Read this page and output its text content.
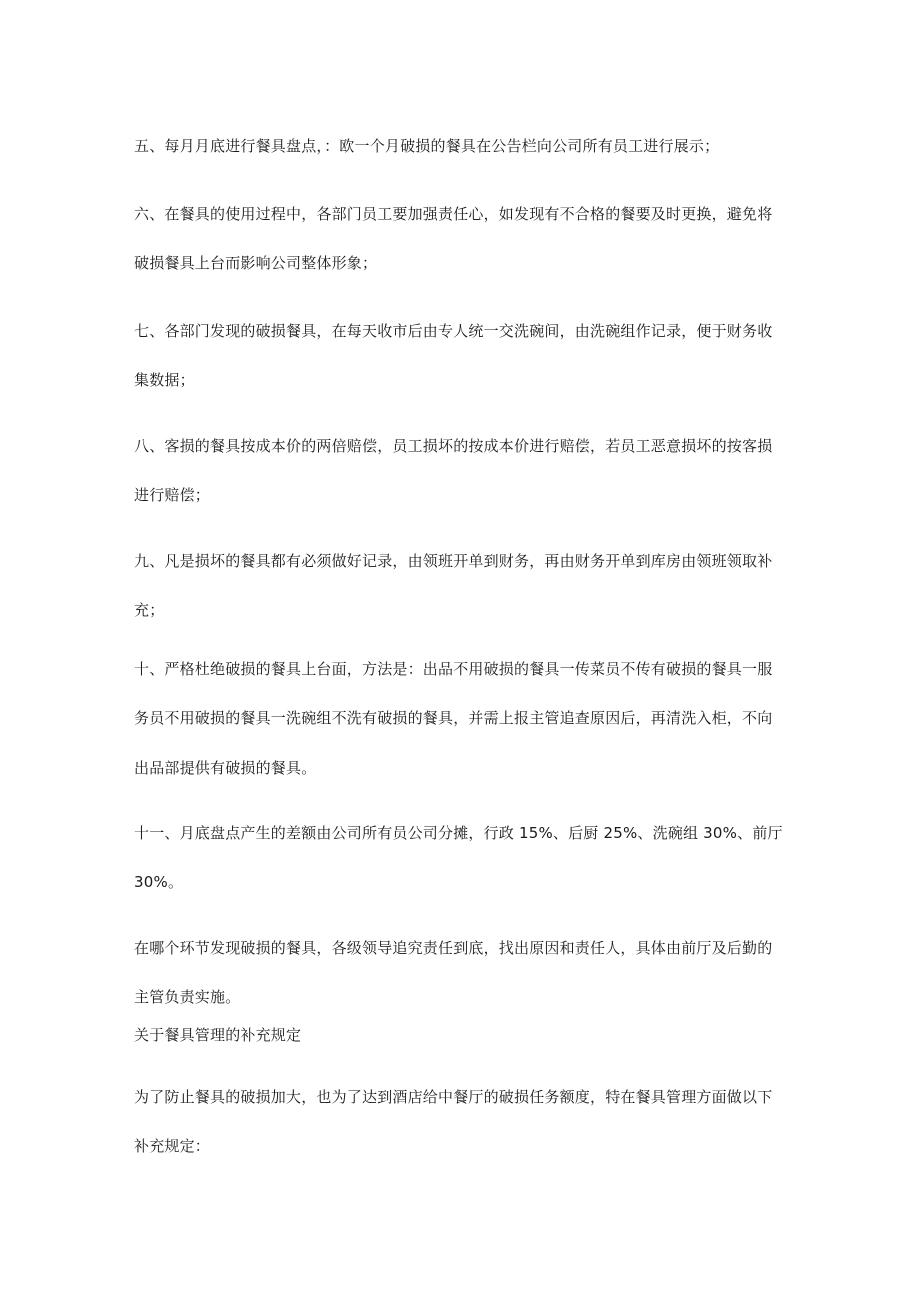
五、每月月底进行餐具盘点，：欧一个月破损的餐具在公告栏向公司所有员工进行展示；
六、在餐具的使用过程中，各部门员工要加强责任心，如发现有不合格的餐要及时更换，避免将
破损餐具上台而影响公司整体形象；
七、各部门发现的破损餐具，在每天收市后由专人统一交洗碗间，由洗碗组作记录，便于财务收
集数据；
八、客损的餐具按成本价的两倍赔偿，员工损坏的按成本价进行赔偿，若员工恶意损坏的按客损
进行赔偿；
九、凡是损坏的餐具都有必须做好记录，由领班开单到财务，再由财务开单到库房由领班领取补
充；
十、严格杜绝破损的餐具上台面，方法是：出品不用破损的餐具一传菜员不传有破损的餐具一服
务员不用破损的餐具一洗碗组不洗有破损的餐具，并需上报主管追查原因后，再清洗入柜，不向
出品部提供有破损的餐具。
十一、月底盘点产生的差额由公司所有员公司分摊，行政 15%、后厨 25%、洗碗组 30%、前厅
30%。
在哪个环节发现破损的餐具，各级领导追究责任到底，找出原因和责任人，具体由前厅及后勤的
主管负责实施。
关于餐具管理的补充规定
为了防止餐具的破损加大，也为了达到酒店给中餐厅的破损任务额度，特在餐具管理方面做以下
补充规定：
